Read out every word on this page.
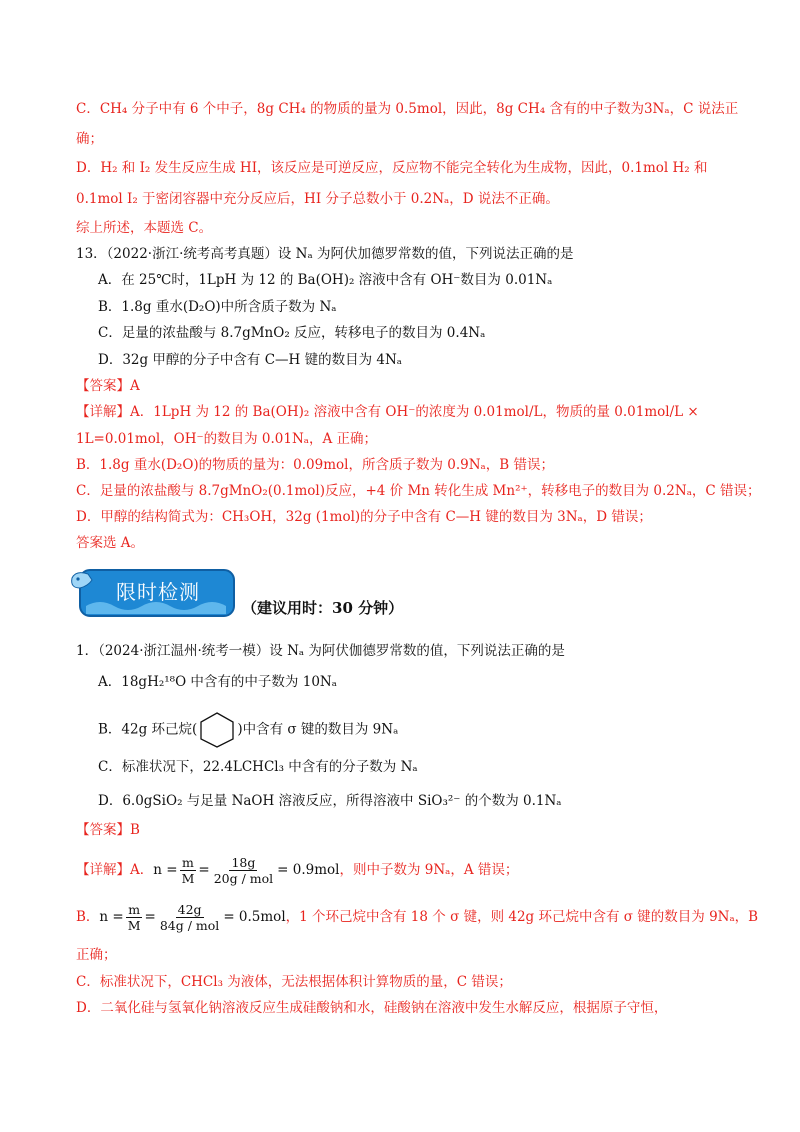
C．CH₄ 分子中有 6 个中子，8g CH₄ 的物质的量为 0.5mol，因此，8g CH₄ 含有的中子数为3Nₐ，C 说法正
确；
D．H₂ 和 I₂ 发生反应生成 HI，该反应是可逆反应，反应物不能完全转化为生成物，因此，0.1mol H₂ 和
0.1mol I₂ 于密闭容器中充分反应后，HI 分子总数小于 0.2Nₐ，D 说法不正确。
综上所述，本题选 C。
13．（2022·浙江·统考高考真题）设 Nₐ 为阿伏加德罗常数的值，下列说法正确的是
A．在 25℃时，1LpH 为 12 的 Ba(OH)₂ 溶液中含有 OH⁻数目为 0.01Nₐ
B．1.8g 重水(D₂O)中所含质子数为 Nₐ
C．足量的浓盐酸与 8.7gMnO₂ 反应，转移电子的数目为 0.4Nₐ
D．32g 甲醇的分子中含有 C—H 键的数目为 4Nₐ
【答案】A
【详解】A．1LpH 为 12 的 Ba(OH)₂ 溶液中含有 OH⁻的浓度为 0.01mol/L，物质的量 0.01mol/L ×
1L=0.01mol，OH⁻的数目为 0.01Nₐ，A 正确；
B．1.8g 重水(D₂O)的物质的量为：0.09mol，所含质子数为 0.9Nₐ，B 错误；
C．足量的浓盐酸与 8.7gMnO₂(0.1mol)反应，+4 价 Mn 转化生成 Mn²⁺，转移电子的数目为 0.2Nₐ，C 错误；
D．甲醇的结构简式为：CH₃OH，32g (1mol)的分子中含有 C—H 键的数目为 3Nₐ，D 错误；
答案选 A。
限时检测
（建议用时：30 分钟）
1．（2024·浙江温州·统考一模）设 Nₐ 为阿伏伽德罗常数的值，下列说法正确的是
A．18gH₂¹⁸O 中含有的中子数为 10Nₐ
B．42g 环己烷(	)中含有 σ 键的数目为 9Nₐ
C．标准状况下，22.4LCHCl₃ 中含有的分子数为 Nₐ
D．6.0gSiO₂ 与足量 NaOH 溶液反应，所得溶液中 SiO₃²⁻ 的个数为 0.1Nₐ
【答案】B
【详解】A． $n = \frac{m}{M} = \frac{18g}{\text{20g / mol}} = 0.9mol$ ，则中子数为 9Nₐ，A 错误；
B． $n = \frac{m}{M} = \frac{42g}{\text{84g / mol}} = 0.5mol$ ，1 个环己烷中含有 18 个 σ 键，则 42g 环己烷中含有 σ 键的数目为 9Nₐ，B
正确；
C．标准状况下，CHCl₃ 为液体，无法根据体积计算物质的量，C 错误；
D．二氧化硅与氢氧化钠溶液反应生成硅酸钠和水，硅酸钠在溶液中发生水解反应，根据原子守恒，
